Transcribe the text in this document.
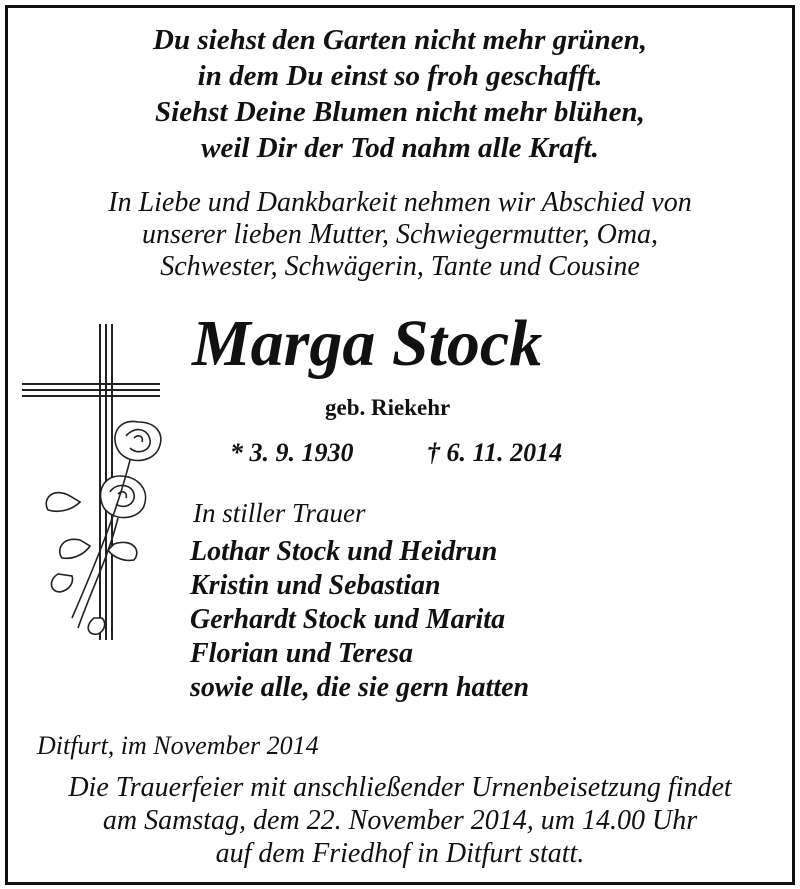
Du siehst den Garten nicht mehr grünen,
in dem Du einst so froh geschafft.
Siehst Deine Blumen nicht mehr blühen,
weil Dir der Tod nahm alle Kraft.
In Liebe und Dankbarkeit nehmen wir Abschied von
unserer lieben Mutter, Schwiegermutter, Oma,
Schwester, Schwägerin, Tante und Cousine
Marga Stock
geb. Riekehr
* 3. 9. 1930	† 6. 11. 2014
In stiller Trauer
Lothar Stock und Heidrun
Kristin und Sebastian
Gerhardt Stock und Marita
Florian und Teresa
sowie alle, die sie gern hatten
Ditfurt, im November 2014
Die Trauerfeier mit anschließender Urnenbeisetzung findet
am Samstag, dem 22. November 2014, um 14.00 Uhr
auf dem Friedhof in Ditfurt statt.
